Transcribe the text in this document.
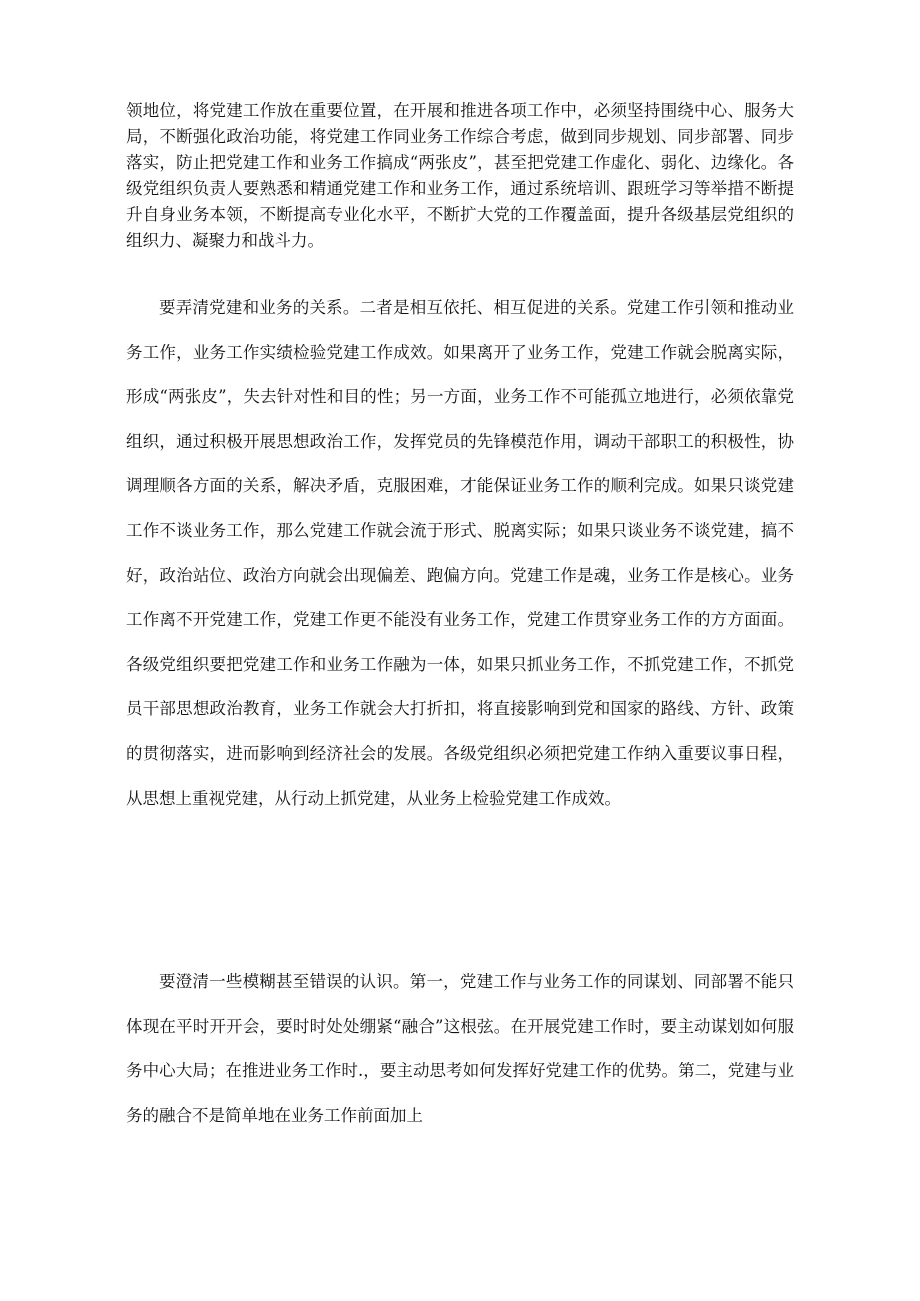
领地位，将党建工作放在重要位置，在开展和推进各项工作中，必须坚持围绕中心、服务大局，不断强化政治功能，将党建工作同业务工作综合考虑，做到同步规划、同步部署、同步落实，防止把党建工作和业务工作搞成“两张皮”，甚至把党建工作虚化、弱化、边缘化。各级党组织负责人要熟悉和精通党建工作和业务工作，通过系统培训、跟班学习等举措不断提升自身业务本领，不断提高专业化水平，不断扩大党的工作覆盖面，提升各级基层党组织的组织力、凝聚力和战斗力。

要弄清党建和业务的关系。二者是相互依托、相互促进的关系。党建工作引领和推动业务工作，业务工作实绩检验党建工作成效。如果离开了业务工作，党建工作就会脱离实际，形成“两张皮”，失去针对性和目的性；另一方面，业务工作不可能孤立地进行，必须依靠党组织，通过积极开展思想政治工作，发挥党员的先锋模范作用，调动干部职工的积极性，协调理顺各方面的关系，解决矛盾，克服困难，才能保证业务工作的顺利完成。如果只谈党建工作不谈业务工作，那么党建工作就会流于形式、脱离实际；如果只谈业务不谈党建，搞不好，政治站位、政治方向就会出现偏差、跑偏方向。党建工作是魂，业务工作是核心。业务工作离不开党建工作，党建工作更不能没有业务工作，党建工作贯穿业务工作的方方面面。各级党组织要把党建工作和业务工作融为一体，如果只抓业务工作，不抓党建工作，不抓党员干部思想政治教育，业务工作就会大打折扣，将直接影响到党和国家的路线、方针、政策的贯彻落实，进而影响到经济社会的发展。各级党组织必须把党建工作纳入重要议事日程，从思想上重视党建，从行动上抓党建，从业务上检验党建工作成效。

要澄清一些模糊甚至错误的认识。第一，党建工作与业务工作的同谋划、同部署不能只体现在平时开开会，要时时处处绷紧“融合”这根弦。在开展党建工作时，要主动谋划如何服务中心大局；在推进业务工作时.，要主动思考如何发挥好党建工作的优势。第二，党建与业务的融合不是简单地在业务工作前面加上
